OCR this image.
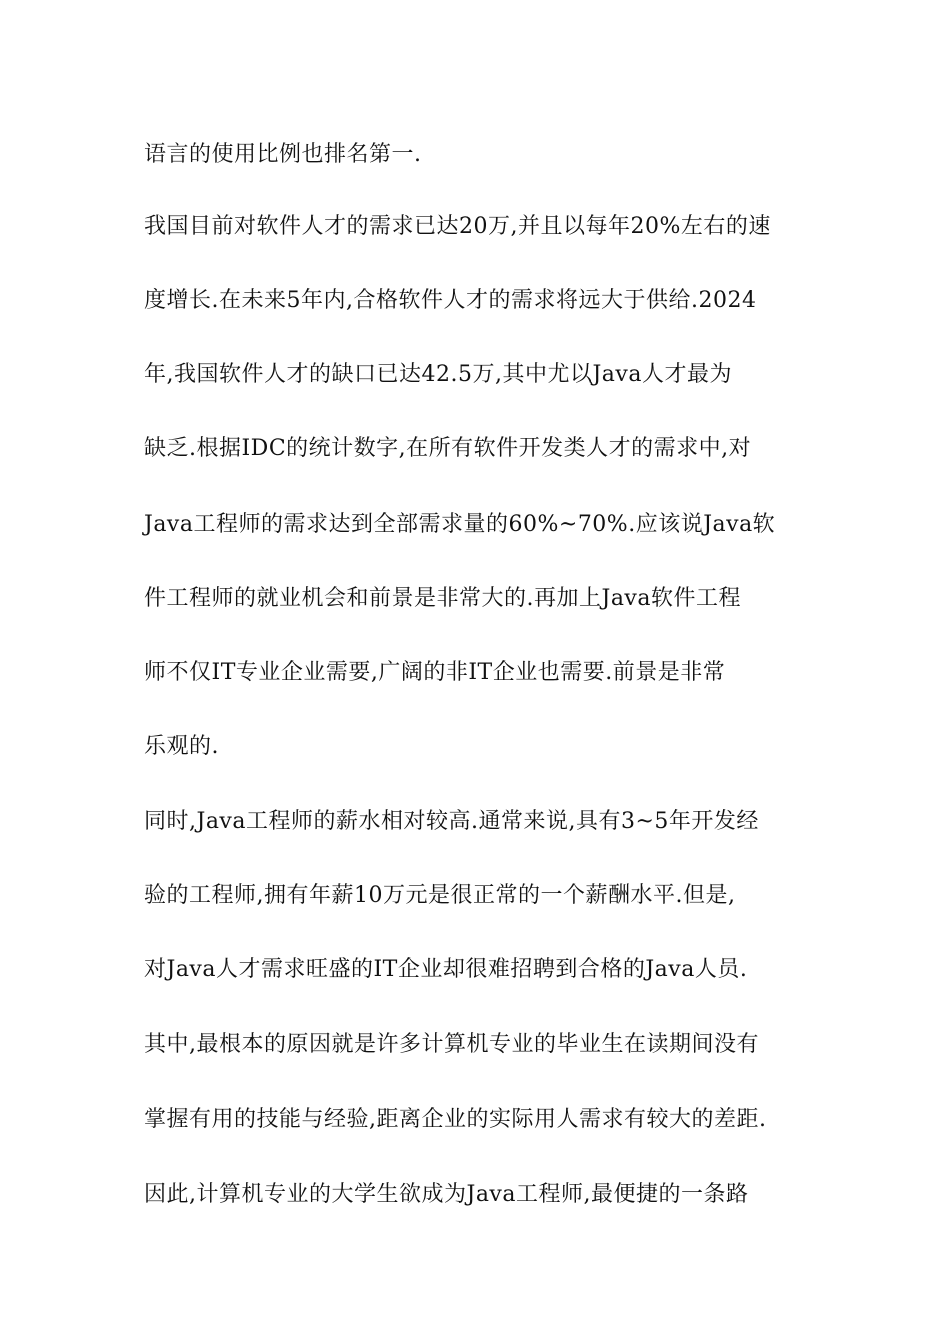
语言的使用比例也排名第一.
我国目前对软件人才的需求已达20万,并且以每年20%左右的速
度增长.在未来5年内,合格软件人才的需求将远大于供给.2024
年,我国软件人才的缺口已达42.5万,其中尤以Java人才最为
缺乏.根据IDC的统计数字,在所有软件开发类人才的需求中,对
Java工程师的需求达到全部需求量的60%~70%.应该说Java软
件工程师的就业机会和前景是非常大的.再加上Java软件工程
师不仅IT专业企业需要,广阔的非IT企业也需要.前景是非常
乐观的.
同时,Java工程师的薪水相对较高.通常来说,具有3~5年开发经
验的工程师,拥有年薪10万元是很正常的一个薪酬水平.但是,
对Java人才需求旺盛的IT企业却很难招聘到合格的Java人员.
其中,最根本的原因就是许多计算机专业的毕业生在读期间没有
掌握有用的技能与经验,距离企业的实际用人需求有较大的差距.
因此,计算机专业的大学生欲成为Java工程师,最便捷的一条路
